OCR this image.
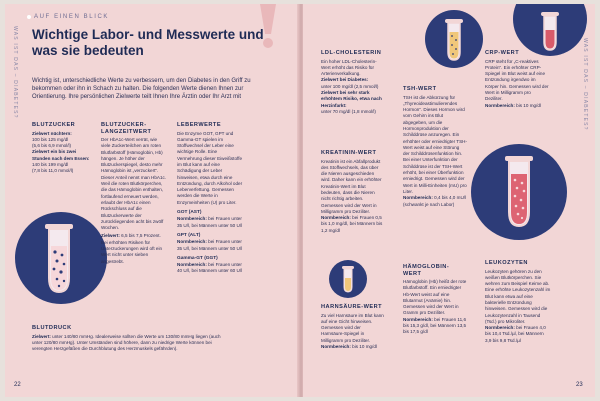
WAS IST DAS – DIABETES?
22
AUF EINEN BLICK
Wichtige Labor- und Messwerte und was sie bedeuten
Wichtig ist, unterschiedliche Werte zu verbessern, um den Diabetes in den Griff zu bekommen oder ihn in Schach zu halten. Die folgenden Werte dienen Ihnen zur Orientierung. Ihre persönlichen Zielwerte teilt Ihnen Ihre Ärztin oder Ihr Arzt mit
BLUTZUCKER

Zielwert nüchtern:

100 bis 125 mg/dl

(5,6 bis 6,9 mmol/l)

Zielwert ein bis zwei Stunden nach dem Essen:

140 bis 199 mg/dl

(7,8 bis 11,0 mmol/l)

BLUTZUCKER-LANGZEITWERT

Der HbA1c-Wert verrät, wie viele Zuckerteilchen am roten Blutfarbstoff (Hämoglobin, Hb) hängen. Je höher der Blutzuckerspiegel, desto mehr Hämoglobin ist „verzuckert“. Dieser Anteil nennt man HbA1c. Weil die roten Blutkörperchen, die das Hämoglobin enthalten, fortlaufend erneuert werden, erlaubt der HbA1c einen Rückschluss auf die Blutzuckerwerte der zurückliegenden acht bis zwölf Wochen.

Zielwert: 6,5 bis 7,5 Prozent. Bei erhöhten Risiken für Unterzuckerungen wird oft ein Wert nicht unter sieben angestrebt.

LEBERWERTE

Die Enzyme GOT, GPT und Gamma-GT spielen im Stoffwechsel der Leber eine wichtige Rolle. Eine Vermehrung dieser Eiweißstoffe im Blut kann auf eine Schädigung der Leber hinweisen, etwa durch eine Entzündung, durch Alkohol oder Leberverfettung. Gemessen werden die Werte in Enzymeinheiten (U) pro Liter.

GOT (AST)

Normbereich: bei Frauen unter 35 U/l, bei Männern unter 50 U/l

GPT (ALT)

Normbereich: bei Frauen unter 35 U/l, bei Männern unter 50 U/l

Gamma-GT (GGT)

Normbereich: bei Frauen unter 40 U/l, bei Männern unter 60 U/l

BLUTDRUCK

Zielwert: unter 140/80 mmHg. Idealerweise sollten die Werte um 130/80 mmHg liegen (auch unter 120/80 mmHg). Unter Umständen sind höhere, dann zu niedrige Werte können bei verengten Herzgefäßen die Durchblutung des Herzmuskels gefährden).

WAS IST DAS – DIABETES?
23
LDL-CHOLESTERIN

Ein hoher LDL-Cholesterin-Wert erhöht das Risiko für Arterienverkalkung.

Zielwert bei Diabetes:

unter 100 mg/dl (2,5 mmol/l)

Zielwert bei sehr stark erhöhtem Risiko, etwa nach Herzinfarkt:

unter 70 mg/dl (1,8 mmol/l)

KREATININ-WERT

Kreatinin ist ein Abfallprodukt des Stoffwechsels, das über die Nieren ausgeschieden wird. Daher kann ein erhöhter Kreatinin-Wert im Blut bedeuten, dass die Nieren nicht richtig arbeiten. Gemessen wird der Wert in Milligramm pro Deziliter.

Normbereich: bei Frauen 0,5 bis 1,0 mg/dl, bei Männern bis 1,2 mg/dl

HARNSÄURE-WERT

Zu viel Harnsäure im Blut kann auf eine Gicht hinweisen. Gemessen wird der Harnsäure-Spiegel in Milligramm pro Deziliter.

Normbereich: bis 10 mg/dl

TSH-WERT

TSH ist die Abkürzung für „Thyreoideastimulierendes Hormon“. Dieses Hormon wird vom Gehirn ins Blut abgegeben, um die Hormonproduktion der Schilddrüse anzuregen. Ein erhöhter oder erniedrigter TSH-Wert weist auf eine Störung der Schilddrüsenfunktion hin. Bei einer Unterfunktion der Schilddrüse ist der TSH-Wert erhöht, bei einer Überfunktion erniedrigt. Gemessen wird der Wert in Milli-Einheiten (mU) pro Liter.

Normbereich: 0,4 bis 4,0 mU/l (schwankt je nach Labor)

HÄMOGLOBIN-WERT

Hämoglobin (Hb) heißt der rote Blutfarbstoff. Ein erniedrigter Hb-Wert weist auf eine Blutarmut (Anämie) hin. Gemessen wird der Wert in Gramm pro Deziliter.

Normbereich: bei Frauen 11,6 bis 15,3 g/dl, bei Männern 13,5 bis 17,5 g/dl

CRP-WERT

CRP steht für „C-reaktives Protein“. Ein erhöhter CRP-Spiegel im Blut weist auf eine Entzündung irgendwo im Körper hin. Gemessen wird der Wert in Milligramm pro Deziliter.

Normbereich: bis 10 mg/dl

LEUKOZYTEN

Leukozyten gehören zu den weißen Blutkörperchen. Sie wehren zum Beispiel Keime ab. Eine erhöhte Leukozytenzahl im Blut kann etwa auf eine bakterielle Entzündung hinweisen. Gemessen wird die Leukozytenzahl in Tausend (Tsd.) pro Mikroliter.

Normbereich: bei Frauen 4,0 bis 10,4 Tsd./µl, bei Männern 3,9 bis 9,8 Tsd./µl
